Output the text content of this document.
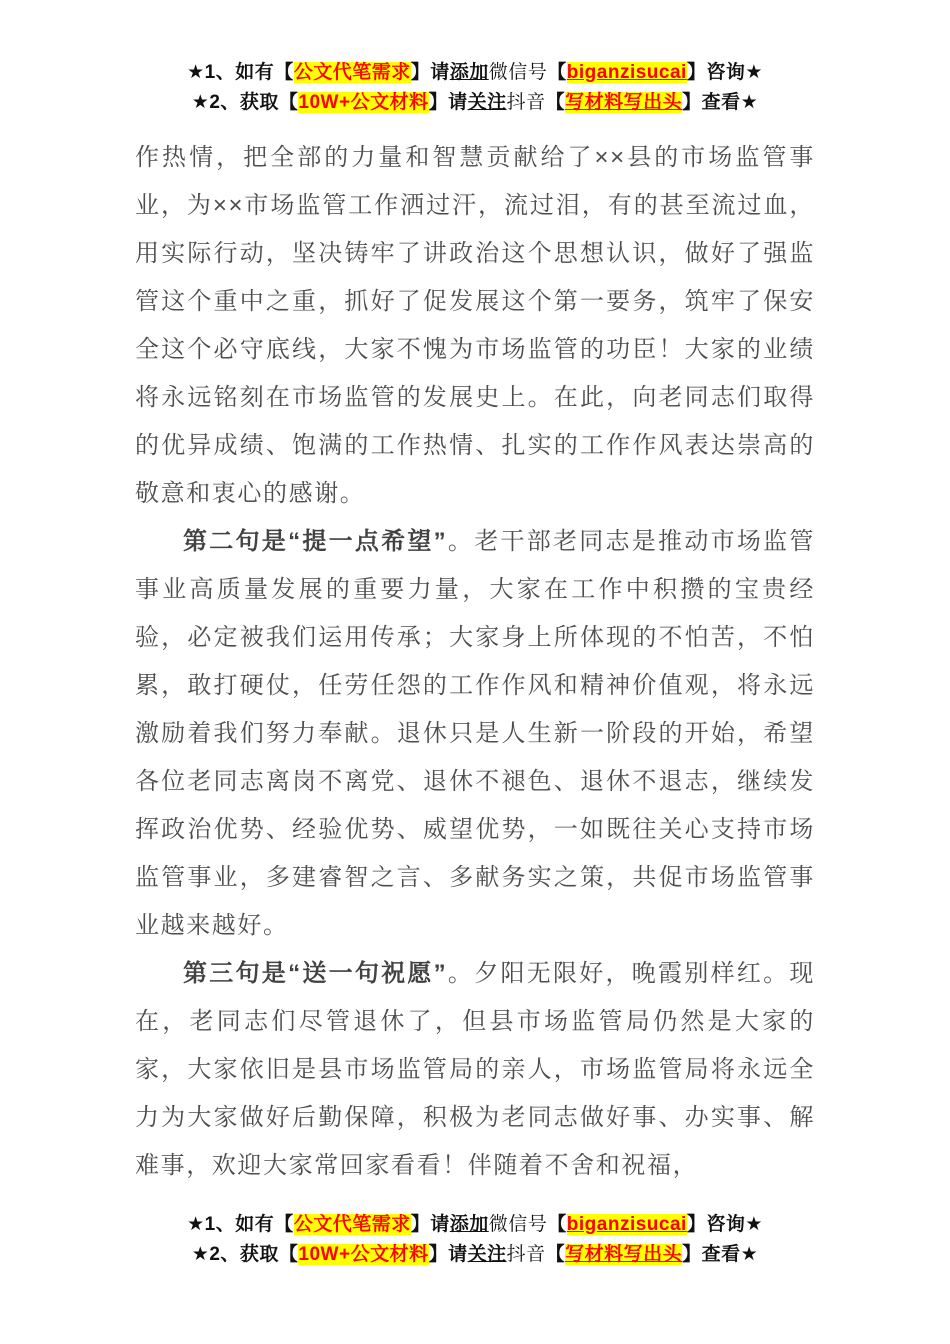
★1、如有【公文代笔需求】请添加微信号【biganzisucai】咨询★
★2、获取【10W+公文材料】请关注抖音【写材料写出头】查看★

作热情，把全部的力量和智慧贡献给了××县的市场监管事业，为××市场监管工作洒过汗，流过泪，有的甚至流过血，用实际行动，坚决铸牢了讲政治这个思想认识，做好了强监管这个重中之重，抓好了促发展这个第一要务，筑牢了保安全这个必守底线，大家不愧为市场监管的功臣！大家的业绩将永远铭刻在市场监管的发展史上。在此，向老同志们取得的优异成绩、饱满的工作热情、扎实的工作作风表达崇高的敬意和衷心的感谢。

第二句是“提一点希望”。老干部老同志是推动市场监管事业高质量发展的重要力量，大家在工作中积攒的宝贵经验，必定被我们运用传承；大家身上所体现的不怕苦，不怕累，敢打硬仗，任劳任怨的工作作风和精神价值观，将永远激励着我们努力奉献。退休只是人生新一阶段的开始，希望各位老同志离岗不离党、退休不褪色、退休不退志，继续发挥政治优势、经验优势、威望优势，一如既往关心支持市场监管事业，多建睿智之言、多献务实之策，共促市场监管事业越来越好。

第三句是“送一句祝愿”。夕阳无限好，晚霞别样红。现在，老同志们尽管退休了，但县市场监管局仍然是大家的家，大家依旧是县市场监管局的亲人，市场监管局将永远全力为大家做好后勤保障，积极为老同志做好事、办实事、解难事，欢迎大家常回家看看！伴随着不舍和祝福，

★1、如有【公文代笔需求】请添加微信号【biganzisucai】咨询★
★2、获取【10W+公文材料】请关注抖音【写材料写出头】查看★
